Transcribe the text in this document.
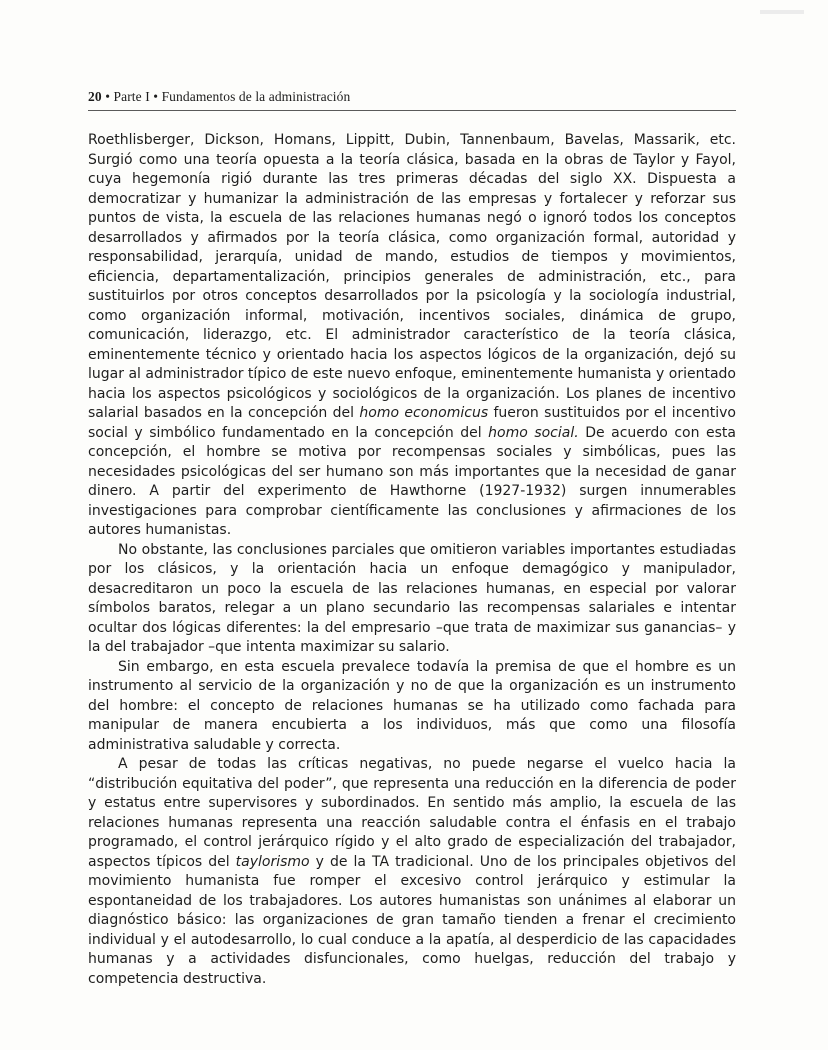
20 • Parte I • Fundamentos de la administración

Roethlisberger, Dickson, Homans, Lippitt, Dubin, Tannenbaum, Bavelas, Massarik, etc. Surgió como una teoría opuesta a la teoría clásica, basada en la obras de Taylor y Fayol, cuya hegemonía rigió durante las tres primeras décadas del siglo XX. Dispuesta a democratizar y humanizar la administración de las empresas y fortalecer y reforzar sus puntos de vista, la escuela de las relaciones humanas negó o ignoró todos los conceptos desarrollados y afirmados por la teoría clásica, como organización formal, autoridad y responsabilidad, jerarquía, unidad de mando, estudios de tiempos y movimientos, eficiencia, departamentalización, principios generales de administración, etc., para sustituirlos por otros conceptos desarrollados por la psicología y la sociología industrial, como organización informal, motivación, incentivos sociales, dinámica de grupo, comunicación, liderazgo, etc. El administrador característico de la teoría clásica, eminentemente técnico y orientado hacia los aspectos lógicos de la organización, dejó su lugar al administrador típico de este nuevo enfoque, eminentemente humanista y orientado hacia los aspectos psicológicos y sociológicos de la organización. Los planes de incentivo salarial basados en la concepción del homo economicus fueron sustituidos por el incentivo social y simbólico fundamentado en la concepción del homo social. De acuerdo con esta concepción, el hombre se motiva por recompensas sociales y simbólicas, pues las necesidades psicológicas del ser humano son más importantes que la necesidad de ganar dinero. A partir del experimento de Hawthorne (1927-1932) surgen innumerables investigaciones para comprobar científicamente las conclusiones y afirmaciones de los autores humanistas.

No obstante, las conclusiones parciales que omitieron variables importantes estudiadas por los clásicos, y la orientación hacia un enfoque demagógico y manipulador, desacreditaron un poco la escuela de las relaciones humanas, en especial por valorar símbolos baratos, relegar a un plano secundario las recompensas salariales e intentar ocultar dos lógicas diferentes: la del empresario –que trata de maximizar sus ganancias– y la del trabajador –que intenta maximizar su salario.

Sin embargo, en esta escuela prevalece todavía la premisa de que el hombre es un instrumento al servicio de la organización y no de que la organización es un instrumento del hombre: el concepto de relaciones humanas se ha utilizado como fachada para manipular de manera encubierta a los individuos, más que como una filosofía administrativa saludable y correcta.

A pesar de todas las críticas negativas, no puede negarse el vuelco hacia la “distribución equitativa del poder”, que representa una reducción en la diferencia de poder y estatus entre supervisores y subordinados. En sentido más amplio, la escuela de las relaciones humanas representa una reacción saludable contra el énfasis en el trabajo programado, el control jerárquico rígido y el alto grado de especialización del trabajador, aspectos típicos del taylorismo y de la TA tradicional. Uno de los principales objetivos del movimiento humanista fue romper el excesivo control jerárquico y estimular la espontaneidad de los trabajadores. Los autores humanistas son unánimes al elaborar un diagnóstico básico: las organizaciones de gran tamaño tienden a frenar el crecimiento individual y el autodesarrollo, lo cual conduce a la apatía, al desperdicio de las capacidades humanas y a actividades disfuncionales, como huelgas, reducción del trabajo y competencia destructiva.
